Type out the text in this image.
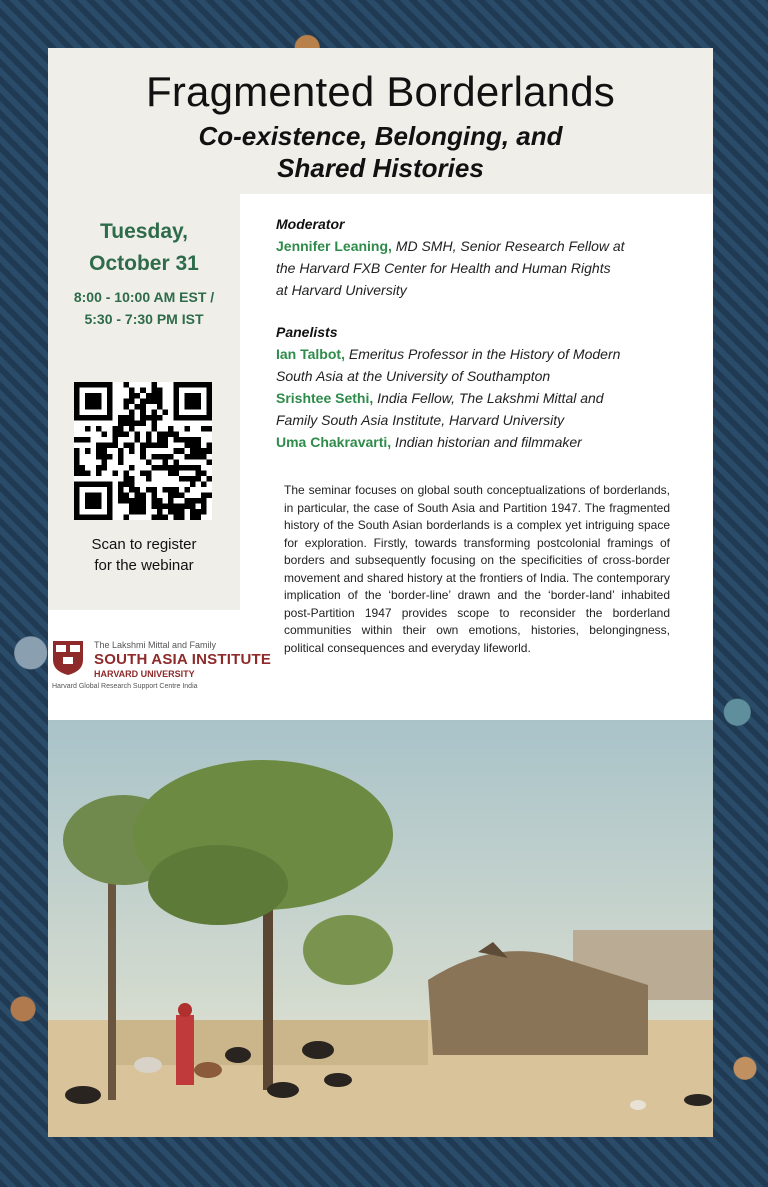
Fragmented Borderlands
Co-existence, Belonging, and
Shared Histories
Tuesday,
October 31
8:00 - 10:00 AM EST /
5:30 - 7:30 PM IST
Scan to register
for the webinar
Moderator
Jennifer Leaning, MD SMH, Senior Research Fellow at
the Harvard FXB Center for Health and Human Rights
at Harvard University
Panelists
Ian Talbot, Emeritus Professor in the History of Modern
South Asia at the University of Southampton
Srishtee Sethi, India Fellow, The Lakshmi Mittal and
Family South Asia Institute, Harvard University
Uma Chakravarti, Indian historian and filmmaker
The Lakshmi Mittal and Family
SOUTH ASIA INSTITUTE
HARVARD UNIVERSITY
Harvard Global Research Support Centre India
The seminar focuses on global south conceptualizations of borderlands, in particular, the case of South Asia and Partition 1947. The fragmented history of the South Asian borderlands is a complex yet intriguing space for exploration. Firstly, towards transforming postcolonial framings of borders and subsequently focusing on the specificities of cross-border movement and shared history at the frontiers of India. The contemporary implication of the ‘border-line’ drawn and the ‘border-land’ inhabited post-Partition 1947 provides scope to reconsider the borderland communities within their own emotions, histories, belongingness, political consequences and everyday lifeworld.
